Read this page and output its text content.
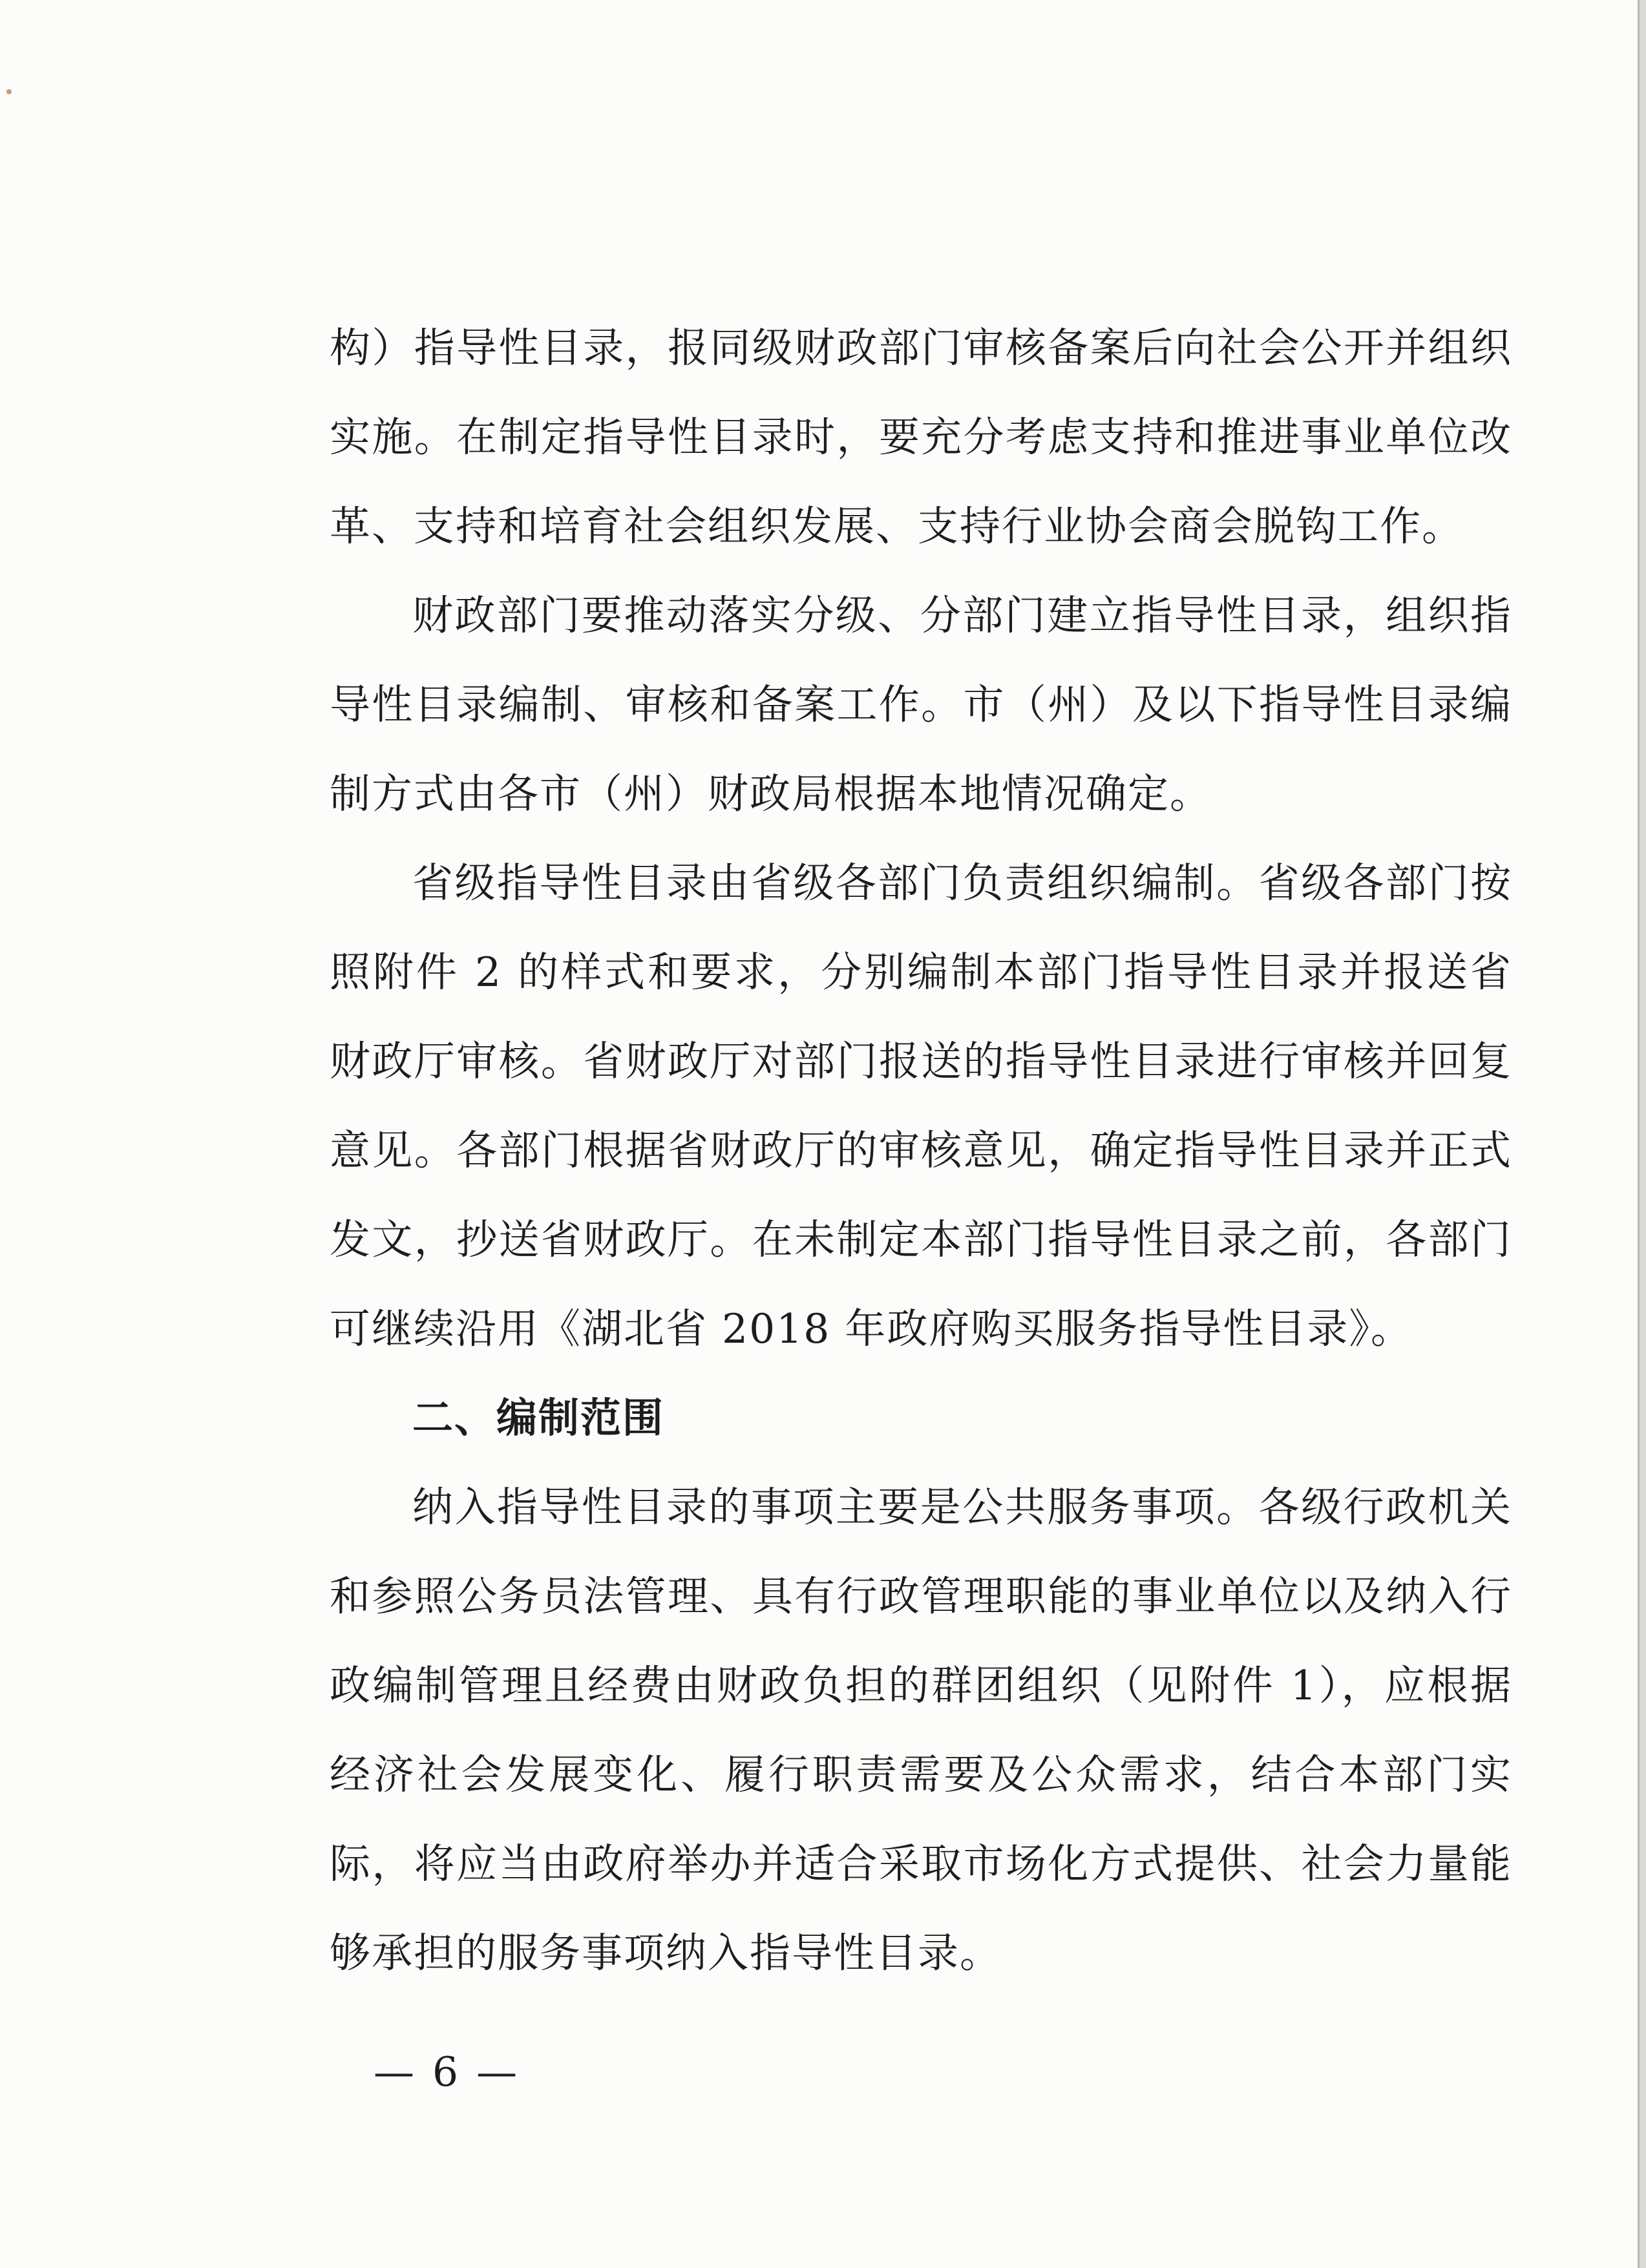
构）指导性目录，报同级财政部门审核备案后向社会公开并组织实施。在制定指导性目录时，要充分考虑支持和推进事业单位改革、支持和培育社会组织发展、支持行业协会商会脱钩工作。

财政部门要推动落实分级、分部门建立指导性目录，组织指导性目录编制、审核和备案工作。市（州）及以下指导性目录编制方式由各市（州）财政局根据本地情况确定。

省级指导性目录由省级各部门负责组织编制。省级各部门按照附件 2 的样式和要求，分别编制本部门指导性目录并报送省财政厅审核。省财政厅对部门报送的指导性目录进行审核并回复意见。各部门根据省财政厅的审核意见，确定指导性目录并正式发文，抄送省财政厅。在未制定本部门指导性目录之前，各部门可继续沿用《湖北省 2018 年政府购买服务指导性目录》。

二、编制范围

纳入指导性目录的事项主要是公共服务事项。各级行政机关和参照公务员法管理、具有行政管理职能的事业单位以及纳入行政编制管理且经费由财政负担的群团组织（见附件 1），应根据经济社会发展变化、履行职责需要及公众需求，结合本部门实际，将应当由政府举办并适合采取市场化方式提供、社会力量能够承担的服务事项纳入指导性目录。

— 6 —
